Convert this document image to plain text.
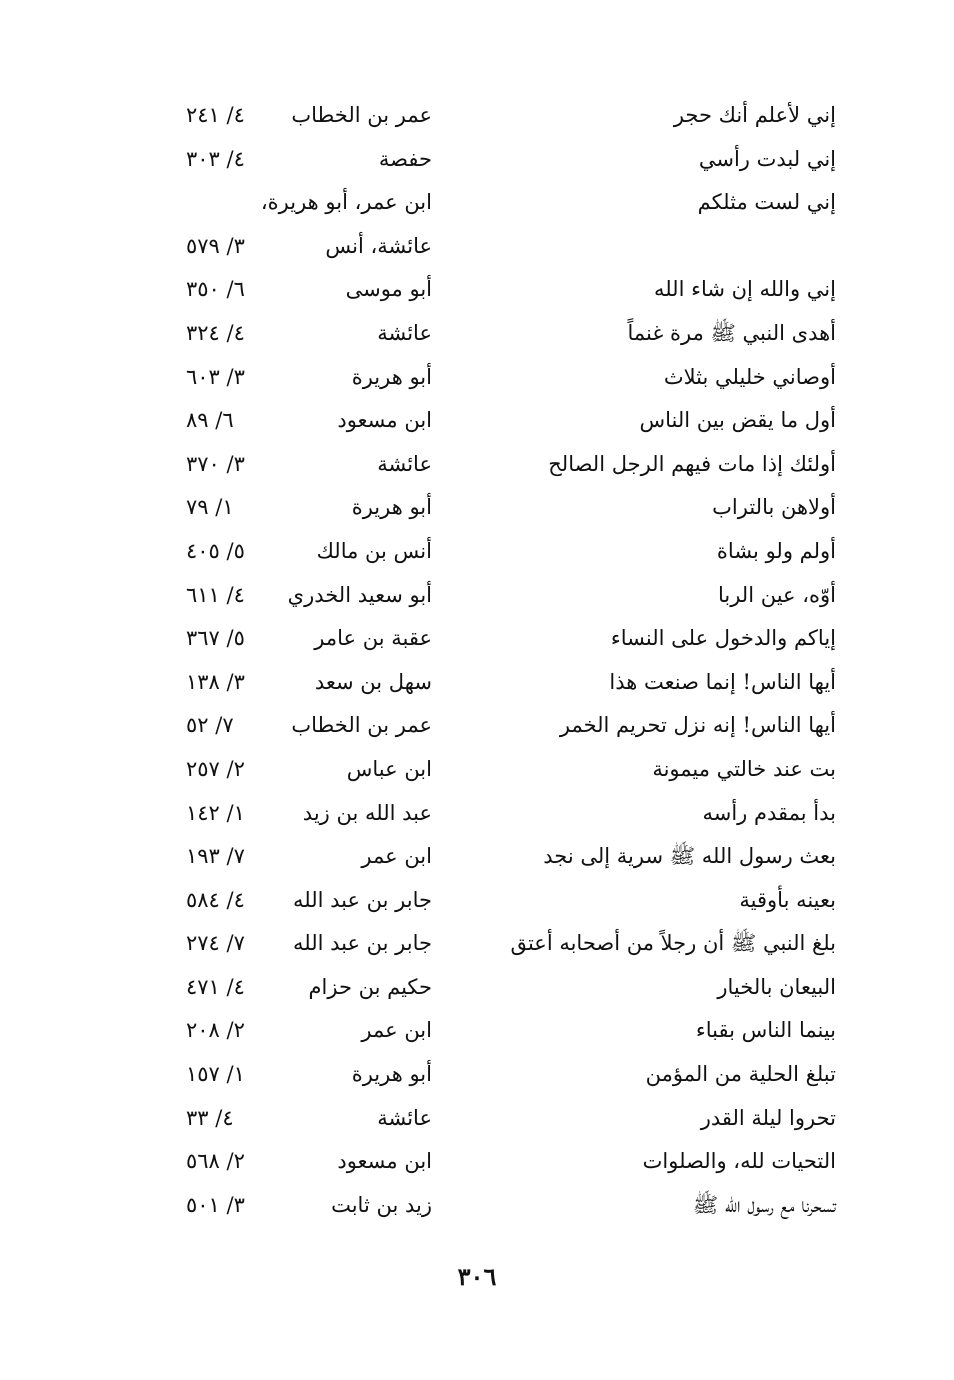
إني لأعلم أنك حجر
عمر بن الخطاب
٤/ ٢٤١
إني لبدت رأسي
حفصة
٤/ ٣٠٣
إني لست مثلكم
ابن عمر، أبو هريرة،
عائشة، أنس
٣/ ٥٧٩
إني والله إن شاء الله
أبو موسى
٦/ ٣٥٠
أهدى النبي ﷺ مرة غنماً
عائشة
٤/ ٣٢٤
أوصاني خليلي بثلاث
أبو هريرة
٣/ ٦٠٣
أول ما يقض بين الناس
ابن مسعود
٦/ ٨٩
أولئك إذا مات فيهم الرجل الصالح
عائشة
٣/ ٣٧٠
أولاهن بالتراب
أبو هريرة
١/ ٧٩
أولم ولو بشاة
أنس بن مالك
٥/ ٤٠٥
أوّه، عين الربا
أبو سعيد الخدري
٤/ ٦١١
إياكم والدخول على النساء
عقبة بن عامر
٥/ ٣٦٧
أيها الناس! إنما صنعت هذا
سهل بن سعد
٣/ ١٣٨
أيها الناس! إنه نزل تحريم الخمر
عمر بن الخطاب
٧/ ٥٢
بت عند خالتي ميمونة
ابن عباس
٢/ ٢٥٧
بدأ بمقدم رأسه
عبد الله بن زيد
١/ ١٤٢
بعث رسول الله ﷺ سرية إلى نجد
ابن عمر
٧/ ١٩٣
بعينه بأوقية
جابر بن عبد الله
٤/ ٥٨٤
بلغ النبي ﷺ أن رجلاً من أصحابه أعتق
جابر بن عبد الله
٧/ ٢٧٤
البيعان بالخيار
حكيم بن حزام
٤/ ٤٧١
بينما الناس بقباء
ابن عمر
٢/ ٢٠٨
تبلغ الحلية من المؤمن
أبو هريرة
١/ ١٥٧
تحروا ليلة القدر
عائشة
٤/ ٣٣
التحيات لله، والصلوات
ابن مسعود
٢/ ٥٦٨
تسحرنا مع رسول الله ﷺ
زيد بن ثابت
٣/ ٥٠١
٣٠٦
